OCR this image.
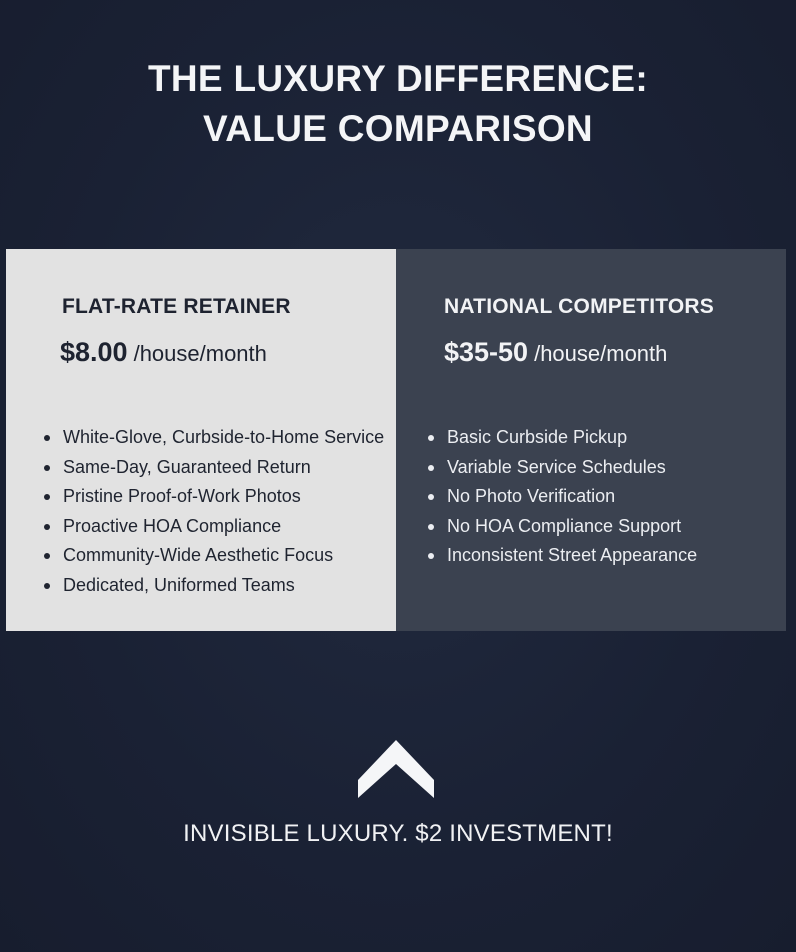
THE LUXURY DIFFERENCE:
VALUE COMPARISON
FLAT-RATE RETAINER
$8.00 /house/month
White-Glove, Curbside-to-Home Service
Same-Day, Guaranteed Return
Pristine Proof-of-Work Photos
Proactive HOA Compliance
Community-Wide Aesthetic Focus
Dedicated, Uniformed Teams
NATIONAL COMPETITORS
$35-50 /house/month
Basic Curbside Pickup
Variable Service Schedules
No Photo Verification
No HOA Compliance Support
Inconsistent Street Appearance
INVISIBLE LUXURY. $2 INVESTMENT!
